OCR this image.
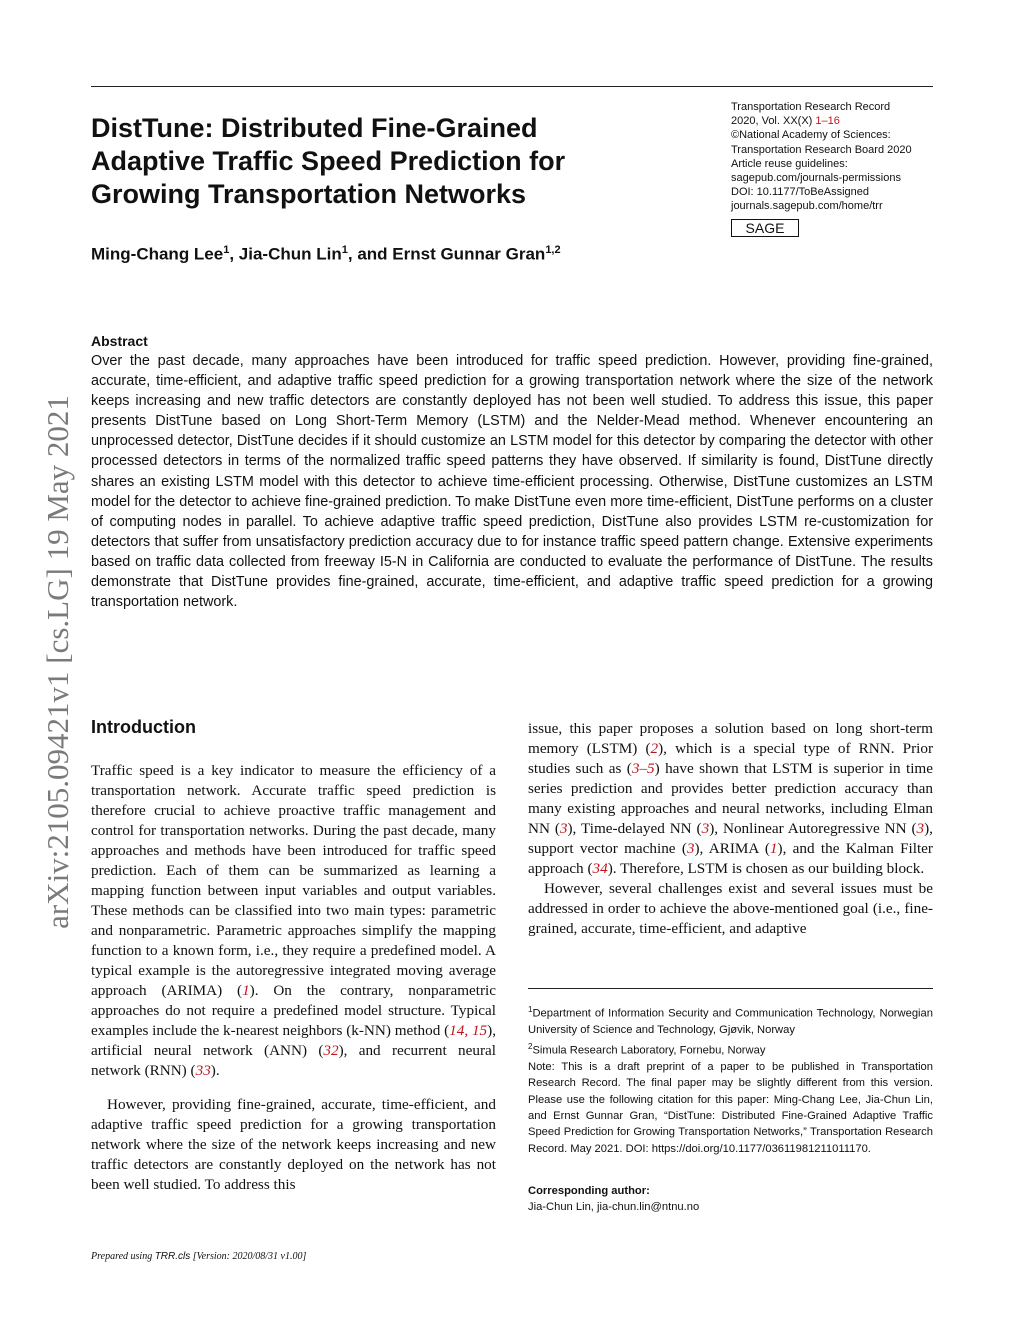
DistTune: Distributed Fine-Grained
Adaptive Traffic Speed Prediction for
Growing Transportation Networks
Ming-Chang Lee$^1$, Jia-Chun Lin$^1$, and Ernst Gunnar Gran$^{1,2}$
Transportation Research Record
2020, Vol. XX(X) 1–16
©National Academy of Sciences:
Transportation Research Board 2020
Article reuse guidelines:
sagepub.com/journals-permissions
DOI: 10.1177/ToBeAssigned
journals.sagepub.com/home/trr
SAGE
Abstract
Over the past decade, many approaches have been introduced for traffic speed prediction. However, providing fine-grained, accurate, time-efficient, and adaptive traffic speed prediction for a growing transportation network where the size of the network keeps increasing and new traffic detectors are constantly deployed has not been well studied. To address this issue, this paper presents DistTune based on Long Short-Term Memory (LSTM) and the Nelder-Mead method. Whenever encountering an unprocessed detector, DistTune decides if it should customize an LSTM model for this detector by comparing the detector with other processed detectors in terms of the normalized traffic speed patterns they have observed. If similarity is found, DistTune directly shares an existing LSTM model with this detector to achieve time-efficient processing. Otherwise, DistTune customizes an LSTM model for the detector to achieve fine-grained prediction. To make DistTune even more time-efficient, DistTune performs on a cluster of computing nodes in parallel. To achieve adaptive traffic speed prediction, DistTune also provides LSTM re-customization for detectors that suffer from unsatisfactory prediction accuracy due to for instance traffic speed pattern change. Extensive experiments based on traffic data collected from freeway I5-N in California are conducted to evaluate the performance of DistTune. The results demonstrate that DistTune provides fine-grained, accurate, time-efficient, and adaptive traffic speed prediction for a growing transportation network.
arXiv:2105.09421v1 [cs.LG] 19 May 2021 Introduction

Traffic speed is a key indicator to measure the efficiency of a transportation network. Accurate traffic speed prediction is therefore crucial to achieve proactive traffic management and control for transportation networks. During the past decade, many approaches and methods have been introduced for traffic speed prediction. Each of them can be summarized as learning a mapping function between input variables and output variables. These methods can be classified into two main types: parametric and nonparametric. Parametric approaches simplify the mapping function to a known form, i.e., they require a predefined model. A typical example is the autoregressive integrated moving average approach (ARIMA) (1). On the contrary, nonparametric approaches do not require a predefined model structure. Typical examples include the k-nearest neighbors (k-NN) method (14, 15), artificial neural network (ANN) (32), and recurrent neural network (RNN) (33).

However, providing fine-grained, accurate, time-efficient, and adaptive traffic speed prediction for a growing transportation network where the size of the network keeps increasing and new traffic detectors are constantly deployed on the network has not been well studied. To address this

issue, this paper proposes a solution based on long short-term memory (LSTM) (2), which is a special type of RNN. Prior studies such as (3–5) have shown that LSTM is superior in time series prediction and provides better prediction accuracy than many existing approaches and neural networks, including Elman NN (3), Time-delayed NN (3), Nonlinear Autoregressive NN (3), support vector machine (3), ARIMA (1), and the Kalman Filter approach (34). Therefore, LSTM is chosen as our building block.

However, several challenges exist and several issues must be addressed in order to achieve the above-mentioned goal (i.e., fine-grained, accurate, time-efficient, and adaptive

$^1$Department of Information Security and Communication Technology, Norwegian University of Science and Technology, Gjøvik, Norway

$^2$Simula Research Laboratory, Fornebu, Norway

Note: This is a draft preprint of a paper to be published in Transportation Research Record. The final paper may be slightly different from this version. Please use the following citation for this paper: Ming-Chang Lee, Jia-Chun Lin, and Ernst Gunnar Gran, “DistTune: Distributed Fine-Grained Adaptive Traffic Speed Prediction for Growing Transportation Networks,” Transportation Research Record. May 2021. DOI: https://doi.org/10.1177/03611981211011170.

Corresponding author:
Jia-Chun Lin, jia-chun.lin@ntnu.no
Prepared using TRR.cls [Version: 2020/08/31 v1.00]
